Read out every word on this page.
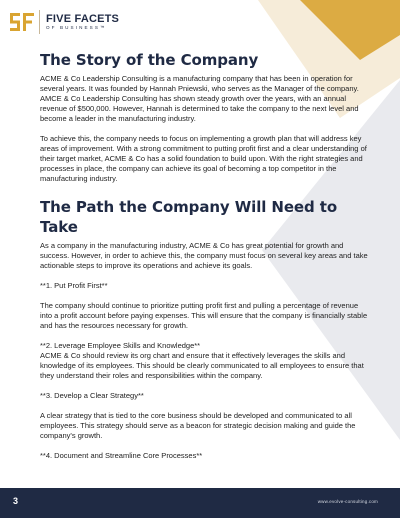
FIVE FACETS
OF BUSINESS™
The Story of the Company

ACME & Co Leadership Consulting is a manufacturing company that has been in operation for several years. It was founded by Hannah Pniewski, who serves as the Manager of the company. AMCE & Co Leadership Consulting has shown steady growth over the years, with an annual revenue of $500,000. However, Hannah is determined to take the company to the next level and become a leader in the manufacturing industry.

To achieve this, the company needs to focus on implementing a growth plan that will address key areas of improvement. With a strong commitment to putting profit first and a clear understanding of their target market, ACME & Co has a solid foundation to build upon. With the right strategies and processes in place, the company can achieve its goal of becoming a top competitor in the manufacturing industry.

The Path the Company Will Need to Take

As a company in the manufacturing industry, ACME & Co has great potential for growth and success. However, in order to achieve this, the company must focus on several key areas and take actionable steps to improve its operations and achieve its goals.

**1. Put Profit First**

The company should continue to prioritize putting profit first and pulling a percentage of revenue into a profit account before paying expenses. This will ensure that the company is financially stable and has the resources necessary for growth.

**2. Leverage Employee Skills and Knowledge**

ACME & Co should review its org chart and ensure that it effectively leverages the skills and knowledge of its employees. This should be clearly communicated to all employees to ensure that they understand their roles and responsibilities within the company.

**3. Develop a Clear Strategy**

A clear strategy that is tied to the core business should be developed and communicated to all employees. This strategy should serve as a beacon for strategic decision making and guide the company's growth.

**4. Document and Streamline Core Processes**

3	www.evolve-consulting.com
